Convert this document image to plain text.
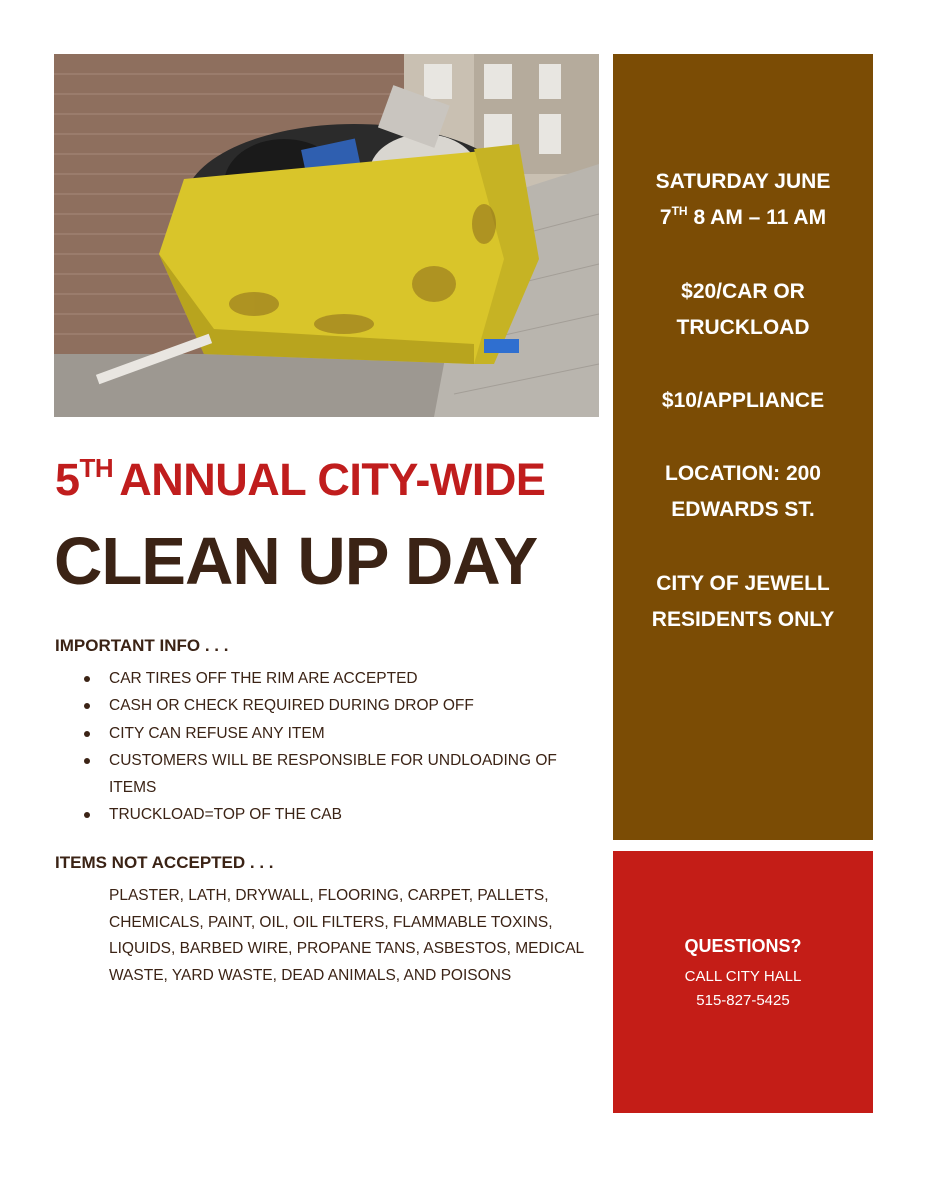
5TH ANNUAL CITY-WIDE
CLEAN UP DAY
IMPORTANT INFO . . .
CAR TIRES OFF THE RIM ARE ACCEPTED
CASH OR CHECK REQUIRED DURING DROP OFF
CITY CAN REFUSE ANY ITEM
CUSTOMERS WILL BE RESPONSIBLE FOR UNDLOADING OF ITEMS
TRUCKLOAD=TOP OF THE CAB
ITEMS NOT ACCEPTED . . .
PLASTER, LATH, DRYWALL, FLOORING, CARPET, PALLETS, CHEMICALS, PAINT, OIL, OIL FILTERS, FLAMMABLE TOXINS, LIQUIDS, BARBED WIRE, PROPANE TANS, ASBESTOS, MEDICAL WASTE, YARD WASTE, DEAD ANIMALS, AND POISONS
SATURDAY JUNE
7TH 8 AM – 11 AM
$20/CAR OR
TRUCKLOAD
$10/APPLIANCE
LOCATION: 200
EDWARDS ST.
CITY OF JEWELL
RESIDENTS ONLY
QUESTIONS?
CALL CITY HALL
515-827-5425
